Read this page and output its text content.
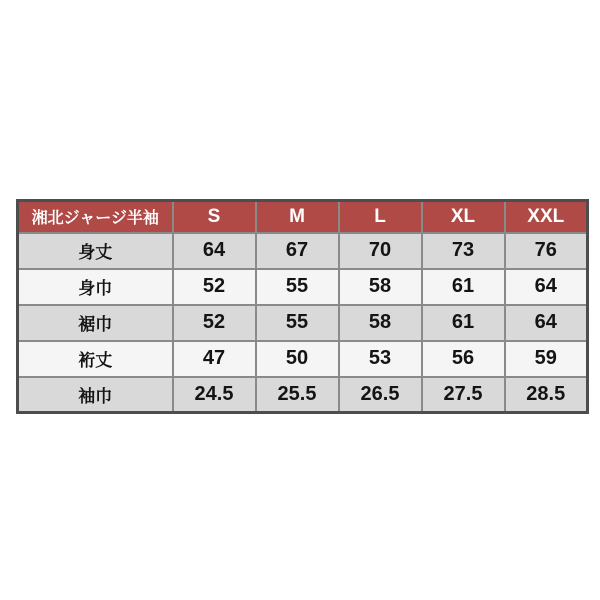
湘北ジャージ半袖	S	M	L	XL	XXL
身丈	64	67	70	73	76
身巾	52	55	58	61	64
裾巾	52	55	58	61	64
裄丈	47	50	53	56	59
袖巾	24.5	25.5	26.5	27.5	28.5
